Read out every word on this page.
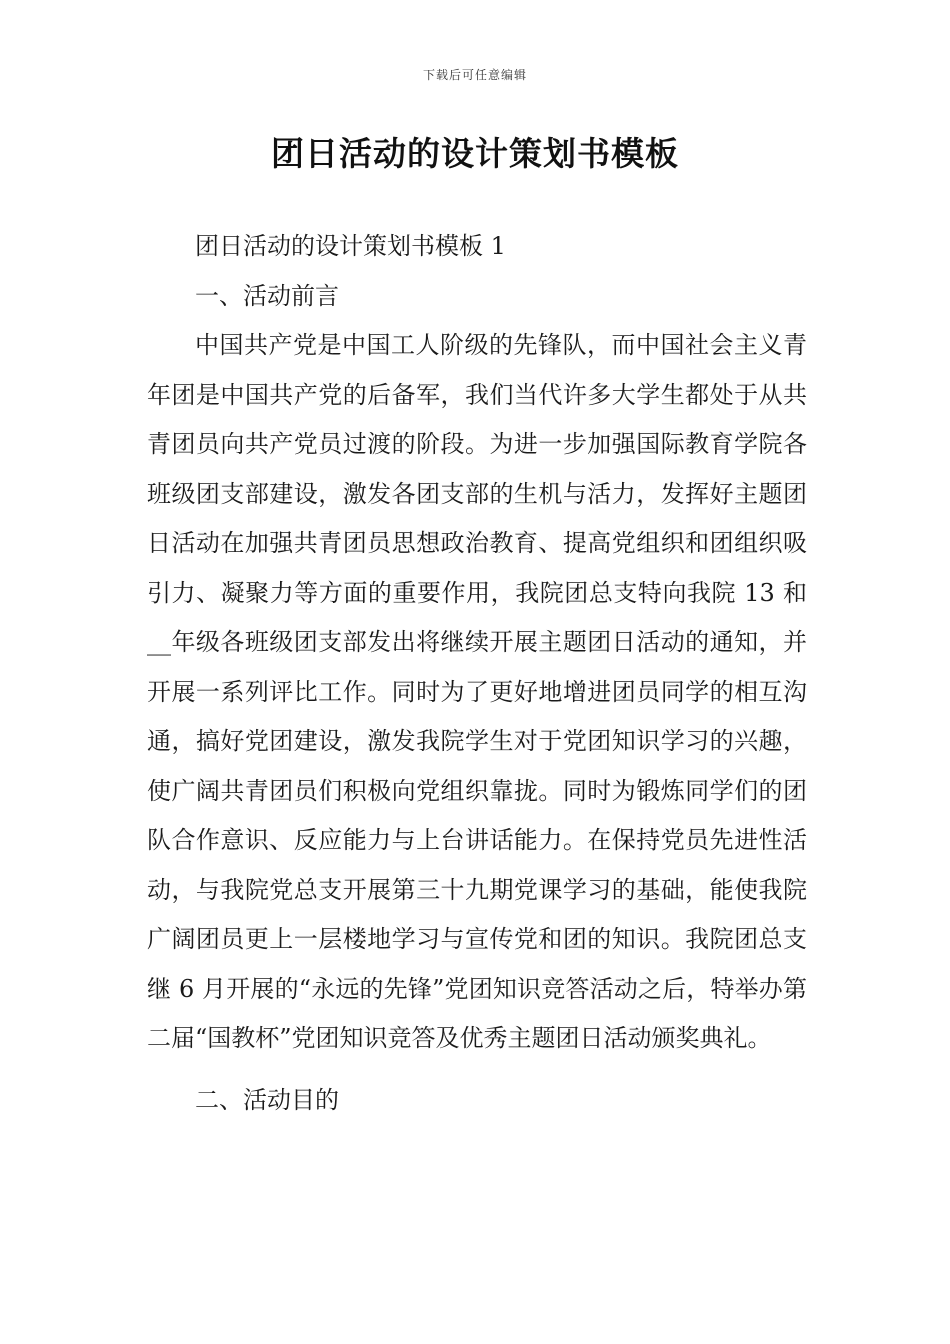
下载后可任意编辑
团日活动的设计策划书模板

团日活动的设计策划书模板 1

一、活动前言

中国共产党是中国工人阶级的先锋队，而中国社会主义青年团是中国共产党的后备军，我们当代许多大学生都处于从共青团员向共产党员过渡的阶段。为进一步加强国际教育学院各班级团支部建设，激发各团支部的生机与活力，发挥好主题团日活动在加强共青团员思想政治教育、提高党组织和团组织吸引力、凝聚力等方面的重要作用，我院团总支特向我院 13 和__年级各班级团支部发出将继续开展主题团日活动的通知，并开展一系列评比工作。同时为了更好地增进团员同学的相互沟通，搞好党团建设，激发我院学生对于党团知识学习的兴趣，使广阔共青团员们积极向党组织靠拢。同时为锻炼同学们的团队合作意识、反应能力与上台讲话能力。在保持党员先进性活动，与我院党总支开展第三十九期党课学习的基础，能使我院广阔团员更上一层楼地学习与宣传党和团的知识。我院团总支继 6 月开展的“永远的先锋”党团知识竞答活动之后，特举办第二届“国教杯”党团知识竞答及优秀主题团日活动颁奖典礼。

二、活动目的
